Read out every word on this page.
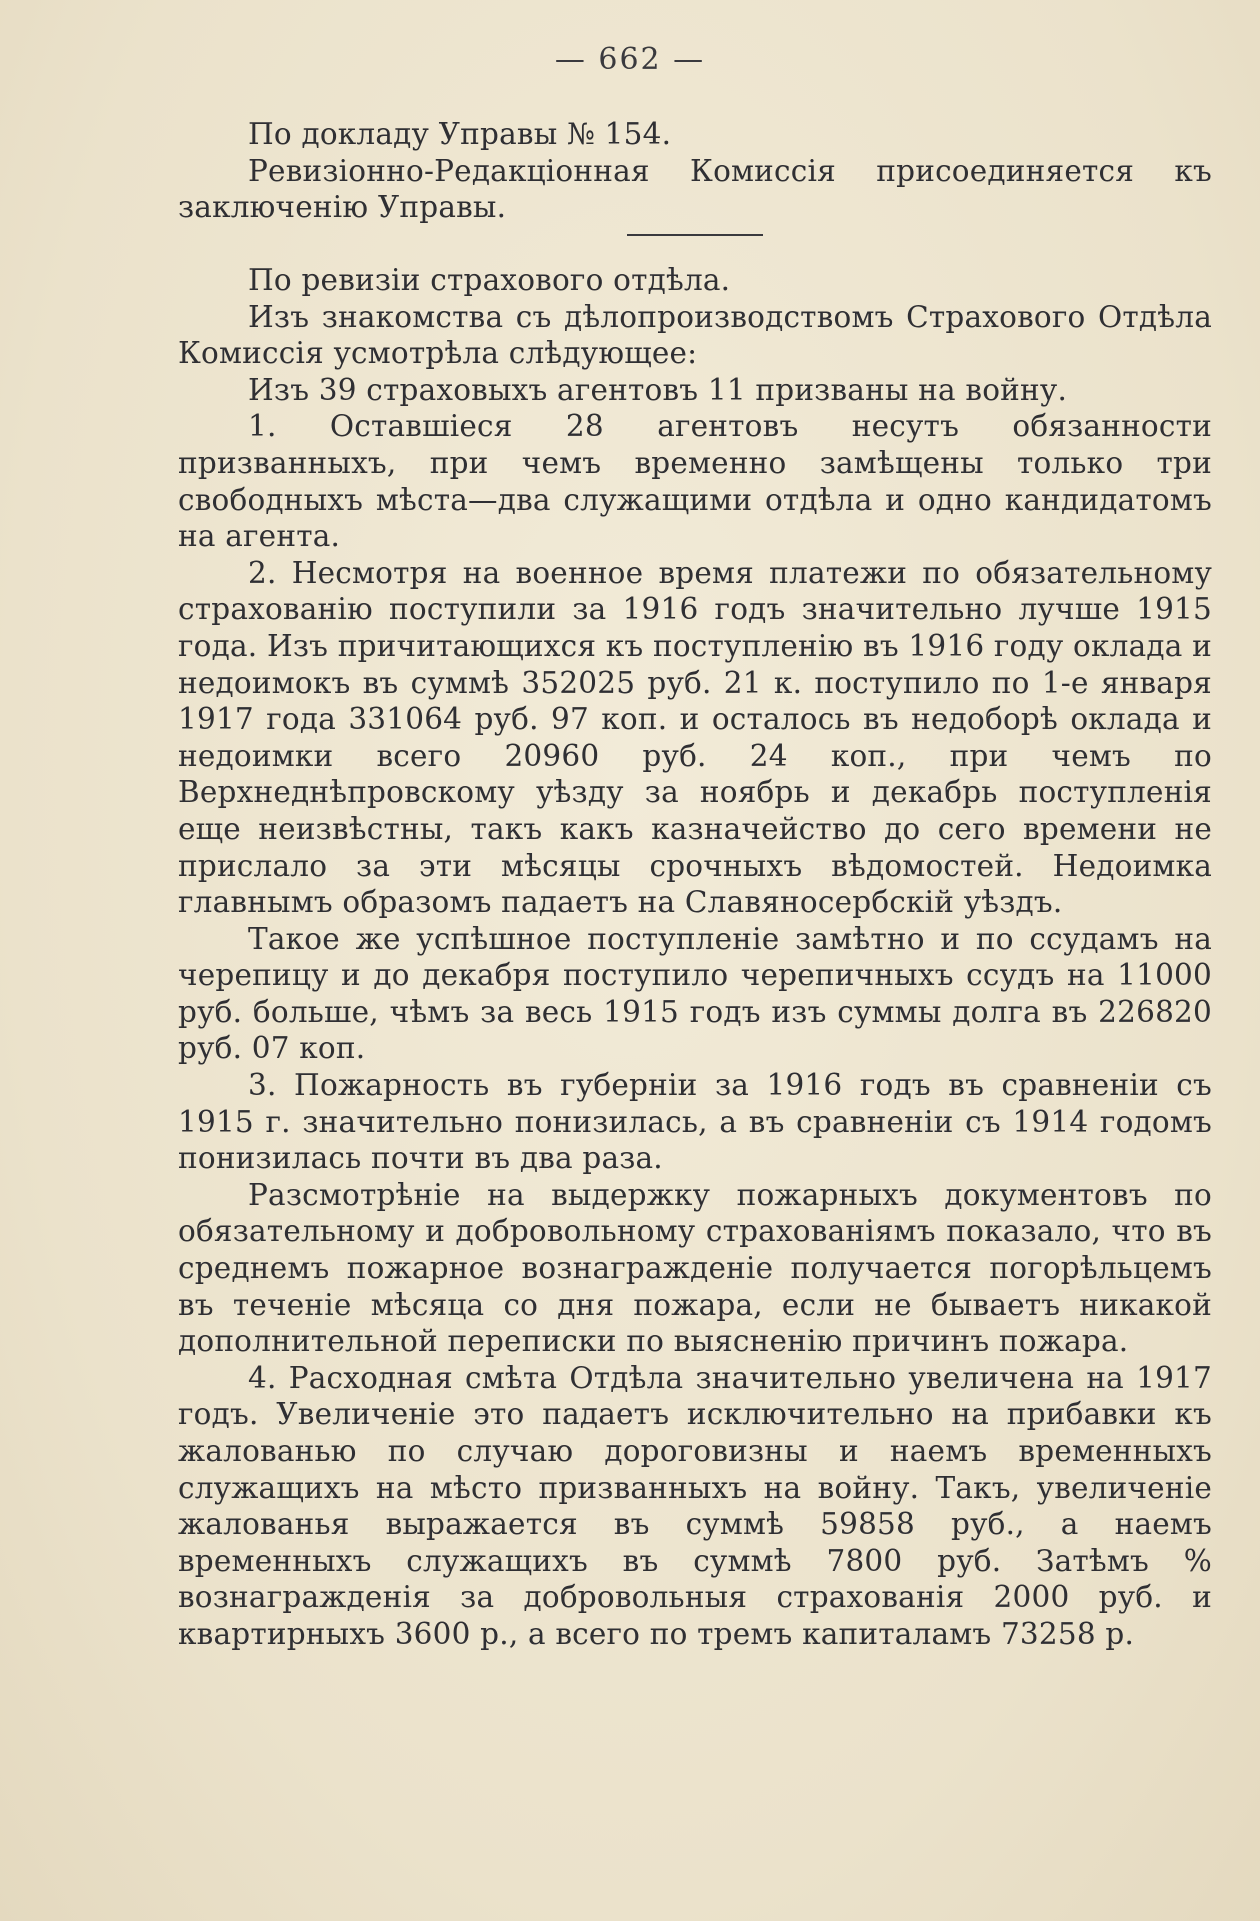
— 662 —

По докладу Управы № 154.

Ревизіонно-Редакціонная Комиссія присоединяется къ заключенію Управы.

По ревизіи страхового отдѣла.

Изъ знакомства съ дѣлопроизводствомъ Страхового Отдѣла Комиссія усмотрѣла слѣдующее:

Изъ 39 страховыхъ агентовъ 11 призваны на войну.

1. Оставшіеся 28 агентовъ несутъ обязанности призванныхъ, при чемъ временно замѣщены только три свободныхъ мѣста—два служащими отдѣла и одно кандидатомъ на агента.

2. Несмотря на военное время платежи по обязательному страхованію поступили за 1916 годъ значительно лучше 1915 года. Изъ причитающихся къ поступленію въ 1916 году оклада и недоимокъ въ суммѣ 352025 руб. 21 к. поступило по 1-е января 1917 года 331064 руб. 97 коп. и осталось въ недоборѣ оклада и недоимки всего 20960 руб. 24 коп., при чемъ по Верхнеднѣпровскому уѣзду за ноябрь и декабрь поступленія еще неизвѣстны, такъ какъ казначейство до сего времени не прислало за эти мѣсяцы срочныхъ вѣдомостей. Недоимка главнымъ образомъ падаетъ на Славяносербскій уѣздъ.

Такое же успѣшное поступленіе замѣтно и по ссудамъ на черепицу и до декабря поступило черепичныхъ ссудъ на 11000 руб. больше, чѣмъ за весь 1915 годъ изъ суммы долга въ 226820 руб. 07 коп.

3. Пожарность въ губерніи за 1916 годъ въ сравненіи съ 1915 г. значительно понизилась, а въ сравненіи съ 1914 годомъ понизилась почти въ два раза.

Разсмотрѣніе на выдержку пожарныхъ документовъ по обязательному и добровольному страхованіямъ показало, что въ среднемъ пожарное вознагражденіе получается погорѣльцемъ въ теченіе мѣсяца со дня пожара, если не бываетъ никакой дополнительной переписки по выясненію причинъ пожара.

4. Расходная смѣта Отдѣла значительно увеличена на 1917 годъ. Увеличеніе это падаетъ исключительно на прибавки къ жалованью по случаю дороговизны и наемъ временныхъ служащихъ на мѣсто призванныхъ на войну. Такъ, увеличеніе жалованья выражается въ суммѣ 59858 руб., а наемъ временныхъ служащихъ въ суммѣ 7800 руб. Затѣмъ % вознагражденія за добровольныя страхованія 2000 руб. и квартирныхъ 3600 р., а всего по тремъ капиталамъ 73258 р.
